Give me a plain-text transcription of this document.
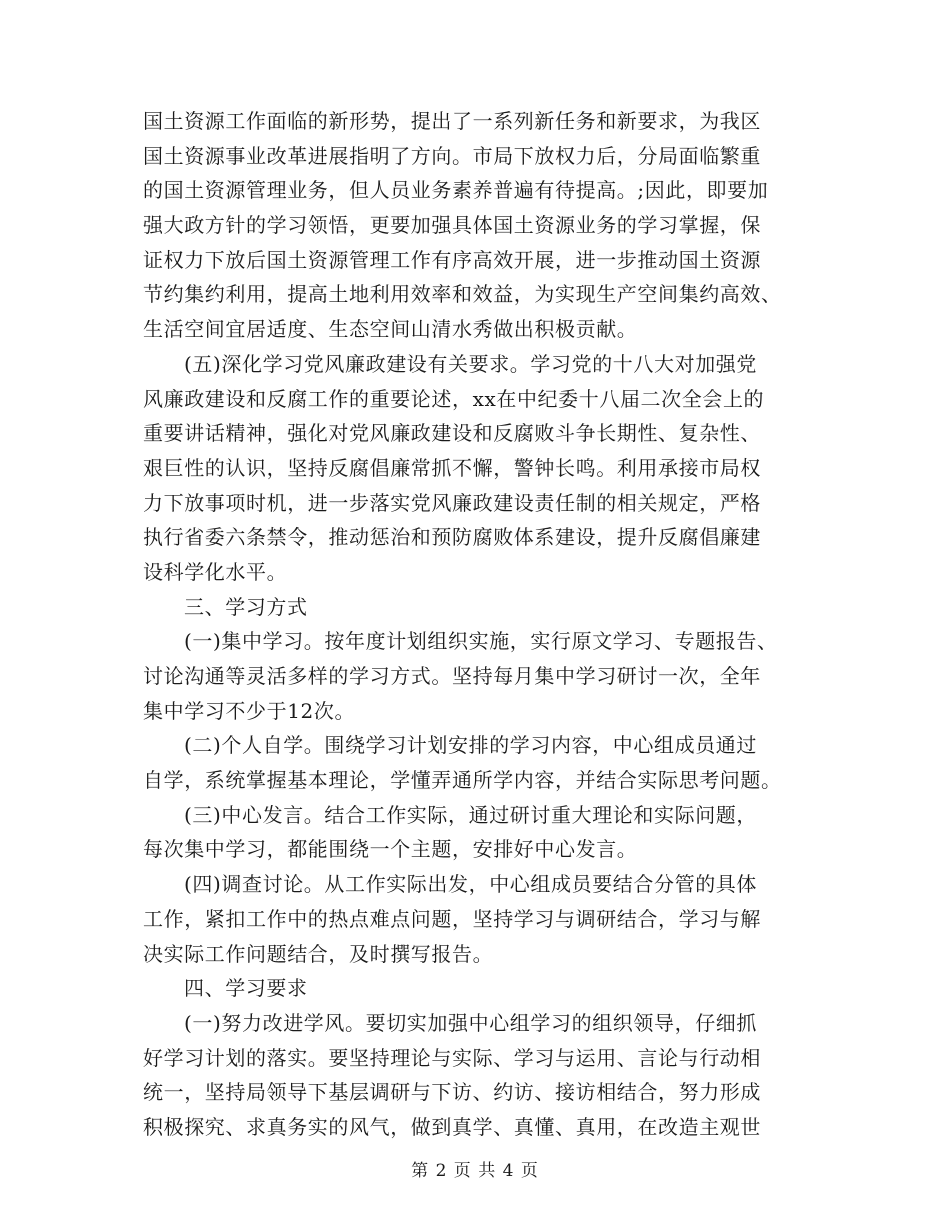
国土资源工作面临的新形势，提出了一系列新任务和新要求，为我区
国土资源事业改革进展指明了方向。市局下放权力后，分局面临繁重
的国土资源管理业务，但人员业务素养普遍有待提高。;因此，即要加
强大政方针的学习领悟，更要加强具体国土资源业务的学习掌握，保
证权力下放后国土资源管理工作有序高效开展，进一步推动国土资源
节约集约利用，提高土地利用效率和效益，为实现生产空间集约高效、
生活空间宜居适度、生态空间山清水秀做出积极贡献。
(五)深化学习党风廉政建设有关要求。学习党的十八大对加强党
风廉政建设和反腐工作的重要论述，xx在中纪委十八届二次全会上的
重要讲话精神，强化对党风廉政建设和反腐败斗争长期性、复杂性、
艰巨性的认识，坚持反腐倡廉常抓不懈，警钟长鸣。利用承接市局权
力下放事项时机，进一步落实党风廉政建设责任制的相关规定，严格
执行省委六条禁令，推动惩治和预防腐败体系建设，提升反腐倡廉建
设科学化水平。
三、学习方式
(一)集中学习。按年度计划组织实施，实行原文学习、专题报告、
讨论沟通等灵活多样的学习方式。坚持每月集中学习研讨一次，全年
集中学习不少于12次。
(二)个人自学。围绕学习计划安排的学习内容，中心组成员通过
自学，系统掌握基本理论，学懂弄通所学内容，并结合实际思考问题。
(三)中心发言。结合工作实际，通过研讨重大理论和实际问题，
每次集中学习，都能围绕一个主题，安排好中心发言。
(四)调查讨论。从工作实际出发，中心组成员要结合分管的具体
工作，紧扣工作中的热点难点问题，坚持学习与调研结合，学习与解
决实际工作问题结合，及时撰写报告。
四、学习要求
(一)努力改进学风。要切实加强中心组学习的组织领导，仔细抓
好学习计划的落实。要坚持理论与实际、学习与运用、言论与行动相
统一，坚持局领导下基层调研与下访、约访、接访相结合，努力形成
积极探究、求真务实的风气，做到真学、真懂、真用，在改造主观世
第 2 页 共 4 页
